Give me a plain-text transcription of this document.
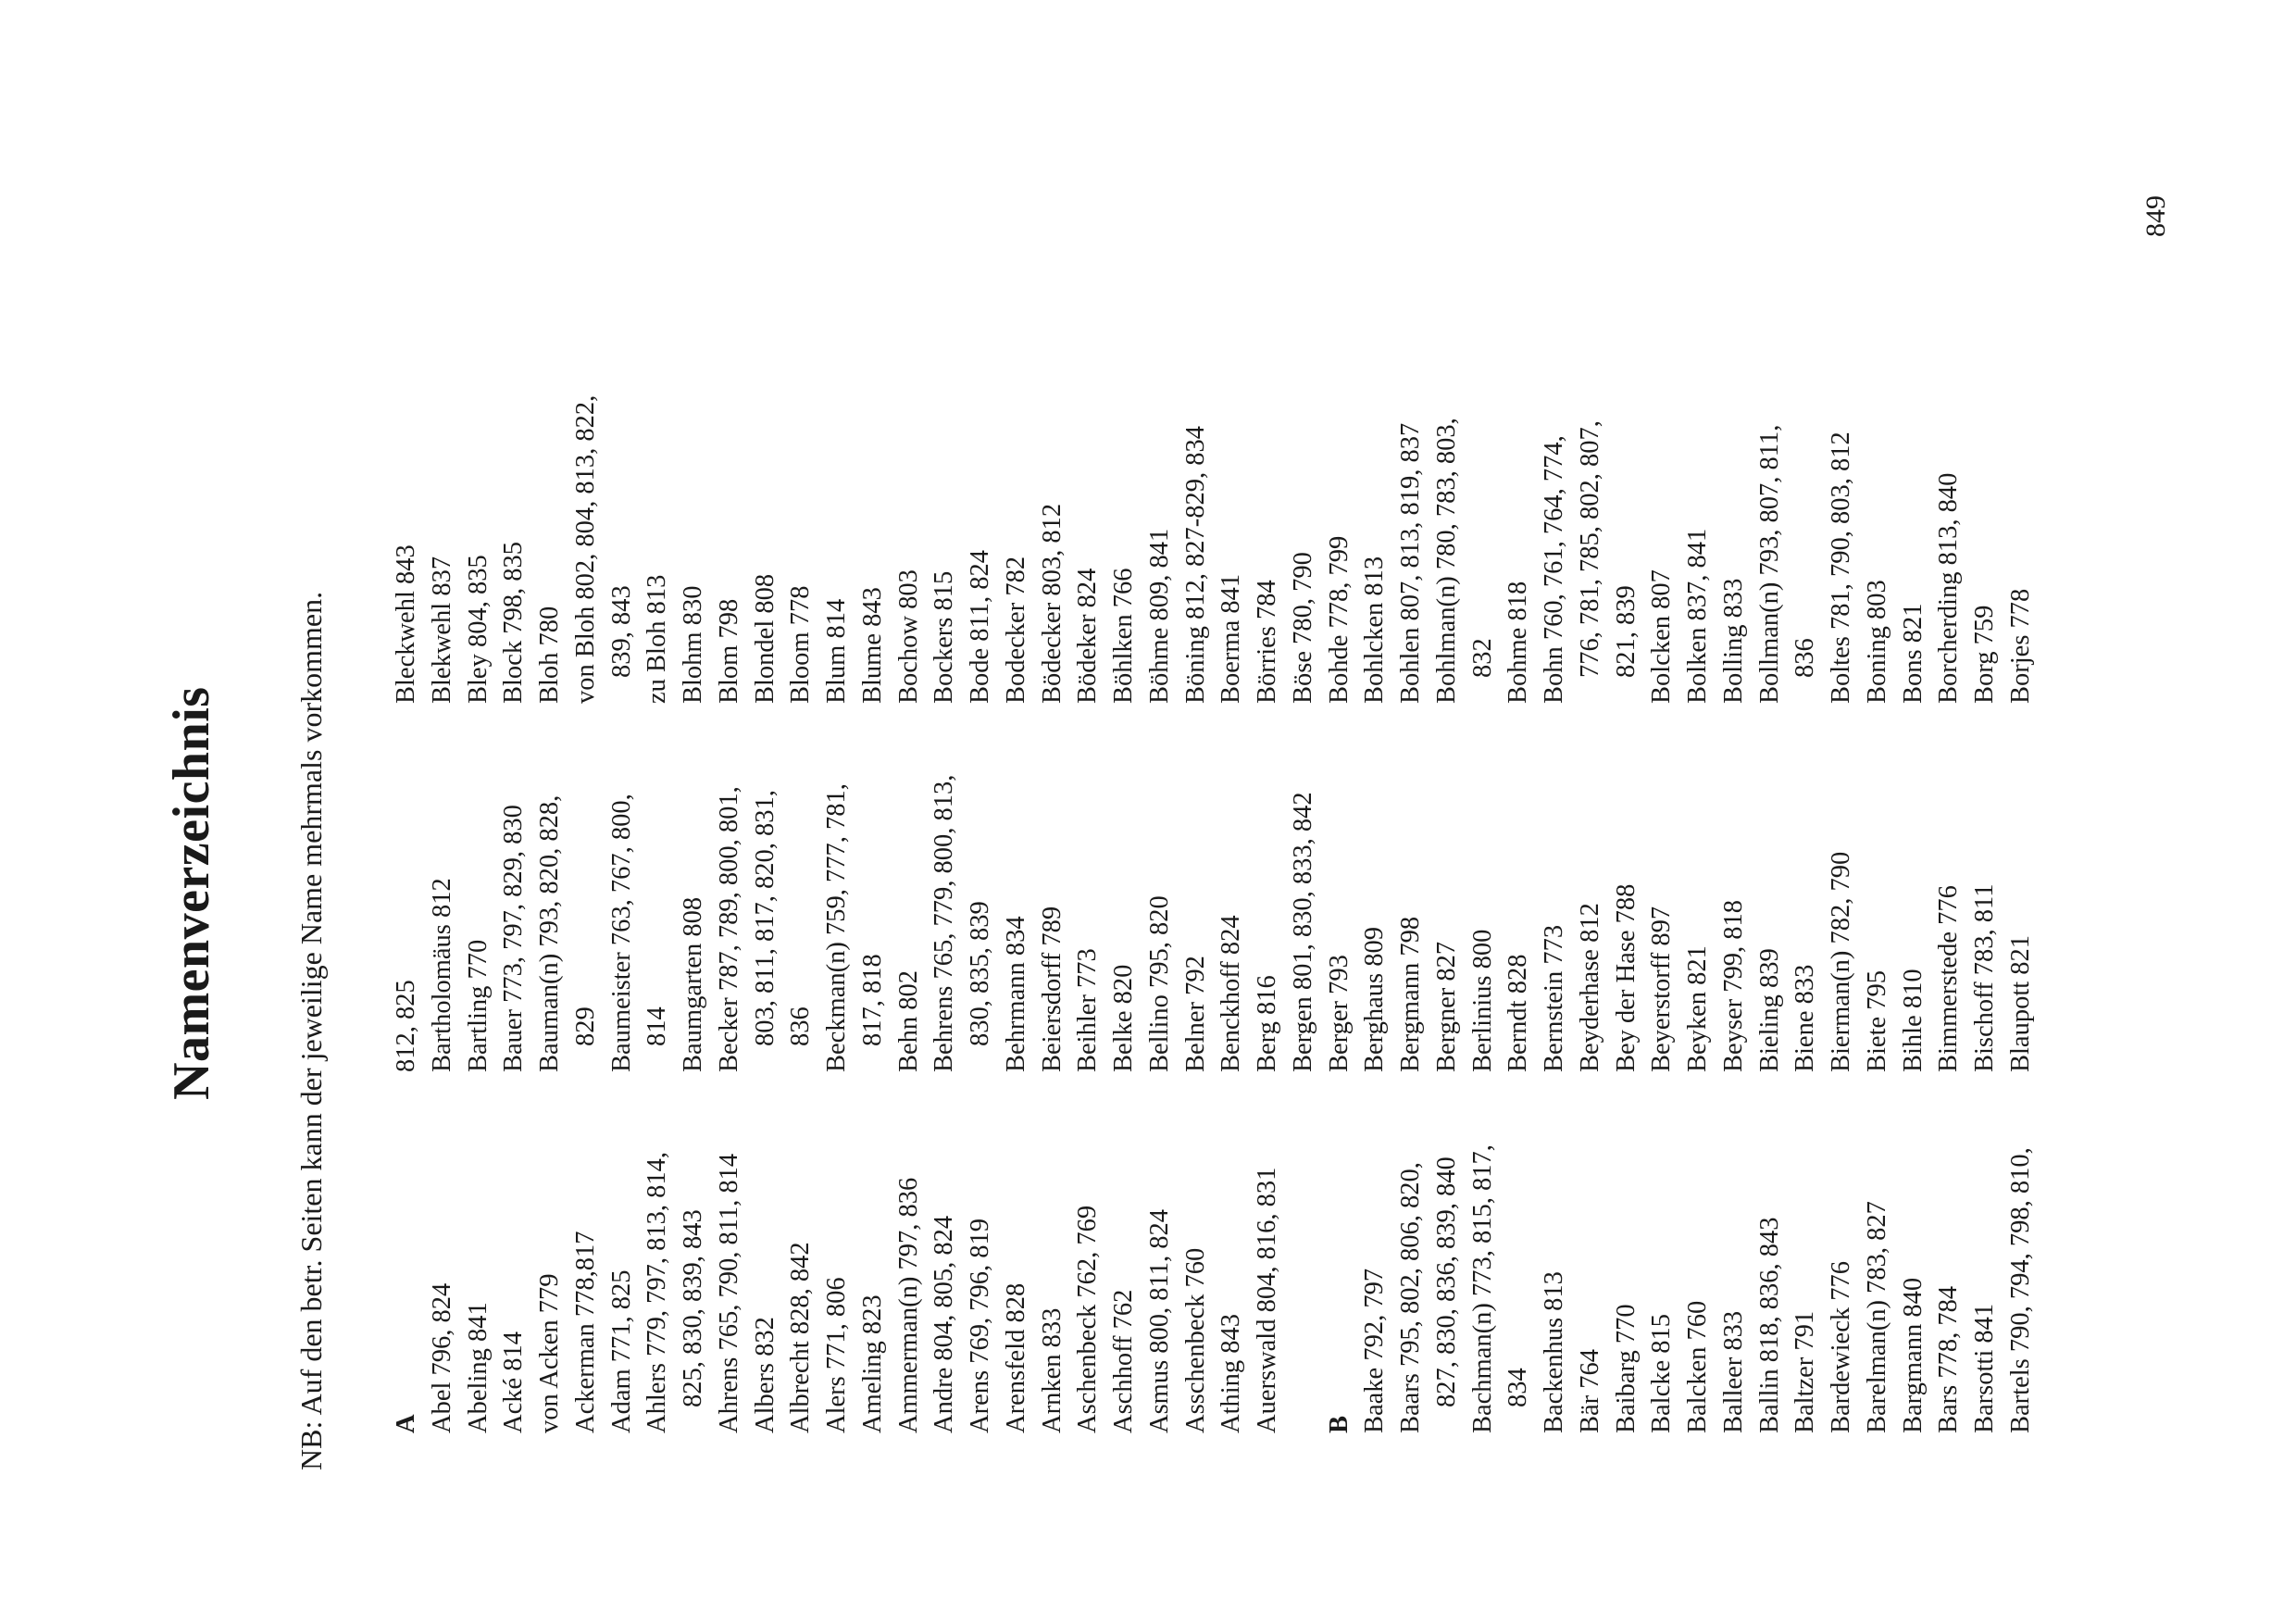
Namenverzeichnis	NB: Auf den betr. Seiten kann der jeweilige Name mehrmals vorkommen. A Abel 796, 824 Abeling 841 Acké 814 von Acken 779 Ackerman 778,817 Adam 771, 825 Ahlers 779, 797, 813, 814, 825, 830, 839, 843 Ahrens 765, 790, 811, 814 Albers 832 Albrecht 828, 842 Alers 771, 806 Ameling 823 Ammerman(n) 797, 836 Andre 804, 805, 824 Arens 769, 796, 819 Arensfeld 828 Arnken 833 Aschenbeck 762, 769 Aschhoff 762 Asmus 800, 811, 824 Asschenbeck 760 Athing 843 Auerswald 804, 816, 831 B Baake 792, 797 Baars 795, 802, 806, 820, 827, 830, 836, 839, 840 Bachman(n) 773, 815, 817, 834 Backenhus 813 Bär 764 Baibarg 770 Balcke 815 Balcken 760 Balleer 833 Ballin 818, 836, 843 Baltzer 791 Bardewieck 776 Barelman(n) 783, 827 Bargmann 840 Bars 778, 784 Barsotti 841 Bartels 790, 794, 798, 810,
812, 825 Bartholomäus 812 Bartling 770 Bauer 773, 797, 829, 830 Bauman(n) 793, 820, 828, 829 Baumeister 763, 767, 800, 814 Baumgarten 808 Becker 787, 789, 800, 801, 803, 811, 817, 820, 831, 836 Beckman(n) 759, 777, 781, 817, 818 Behn 802 Behrens 765, 779, 800, 813, 830, 835, 839 Behrmann 834 Beiersdorff 789 Beihler 773 Belke 820 Bellino 795, 820 Belner 792 Benckhoff 824 Berg 816 Bergen 801, 830, 833, 842 Berger 793 Berghaus 809 Bergmann 798 Bergner 827 Berlinius 800 Berndt 828 Bernstein 773 Beyderhase 812 Bey der Hase 788 Beyerstorff 897 Beyken 821 Beyser 799, 818 Bieling 839 Biene 833 Bierman(n) 782, 790 Biete 795 Bihle 810 Bimmerstede 776 Bischoff 783, 811 Blaupott 821
Bleckwehl 843 Blekwehl 837 Bley 804, 835 Block 798, 835 Bloh 780 von Bloh 802, 804, 813, 822, 839, 843 zu Bloh 813 Blohm 830 Blom 798 Blondel 808 Bloom 778 Blum 814 Blume 843 Bochow 803 Bockers 815 Bode 811, 824 Bodecker 782 Bödecker 803, 812 Bödeker 824 Böhlken 766 Böhme 809, 841 Böning 812, 827-829, 834 Boerma 841 Börries 784 Böse 780, 790 Bohde 778, 799 Bohlcken 813 Bohlen 807, 813, 819, 837 Bohlman(n) 780, 783, 803, 832 Bohme 818 Bohn 760, 761, 764, 774, 776, 781, 785, 802, 807, 821, 839 Bolcken 807 Bolken 837, 841 Bolling 833 Bollman(n) 793, 807, 811, 836 Boltes 781, 790, 803, 812 Boning 803 Bons 821 Borcherding 813, 840 Borg 759 Borjes 778
849
